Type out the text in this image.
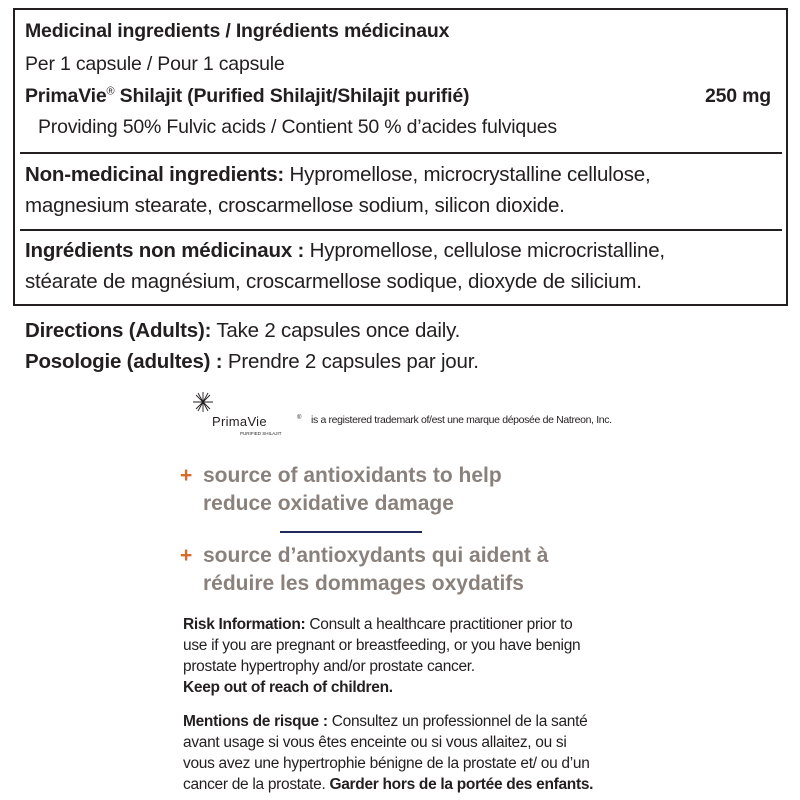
Medicinal ingredients / Ingrédients médicinaux
Per 1 capsule / Pour 1 capsule
PrimaVie® Shilajit (Purified Shilajit/Shilajit purifié)	250 mg
Providing 50% Fulvic acids / Contient 50 % d’acides fulviques
Non-medicinal ingredients: Hypromellose, microcrystalline cellulose,
magnesium stearate, croscarmellose sodium, silicon dioxide.
Ingrédients non médicinaux : Hypromellose, cellulose microcristalline,
stéarate de magnésium, croscarmellose sodique, dioxyde de silicium.
Directions (Adults): Take 2 capsules once daily.
Posologie (adultes) : Prendre 2 capsules par jour.
PrimaVie	®
PURIFIED SHILAJIT
is a registered trademark of/est une marque déposée de Natreon, Inc.
+ source of antioxidants to help
reduce oxidative damage
+ source d’antioxydants qui aident à
réduire les dommages oxydatifs
Risk Information: Consult a healthcare practitioner prior to
use if you are pregnant or breastfeeding, or you have benign
prostate hypertrophy and/or prostate cancer.
Keep out of reach of children.
Mentions de risque : Consultez un professionnel de la santé
avant usage si vous êtes enceinte ou si vous allaitez, ou si
vous avez une hypertrophie bénigne de la prostate et/ ou d’un
cancer de la prostate. Garder hors de la portée des enfants.
